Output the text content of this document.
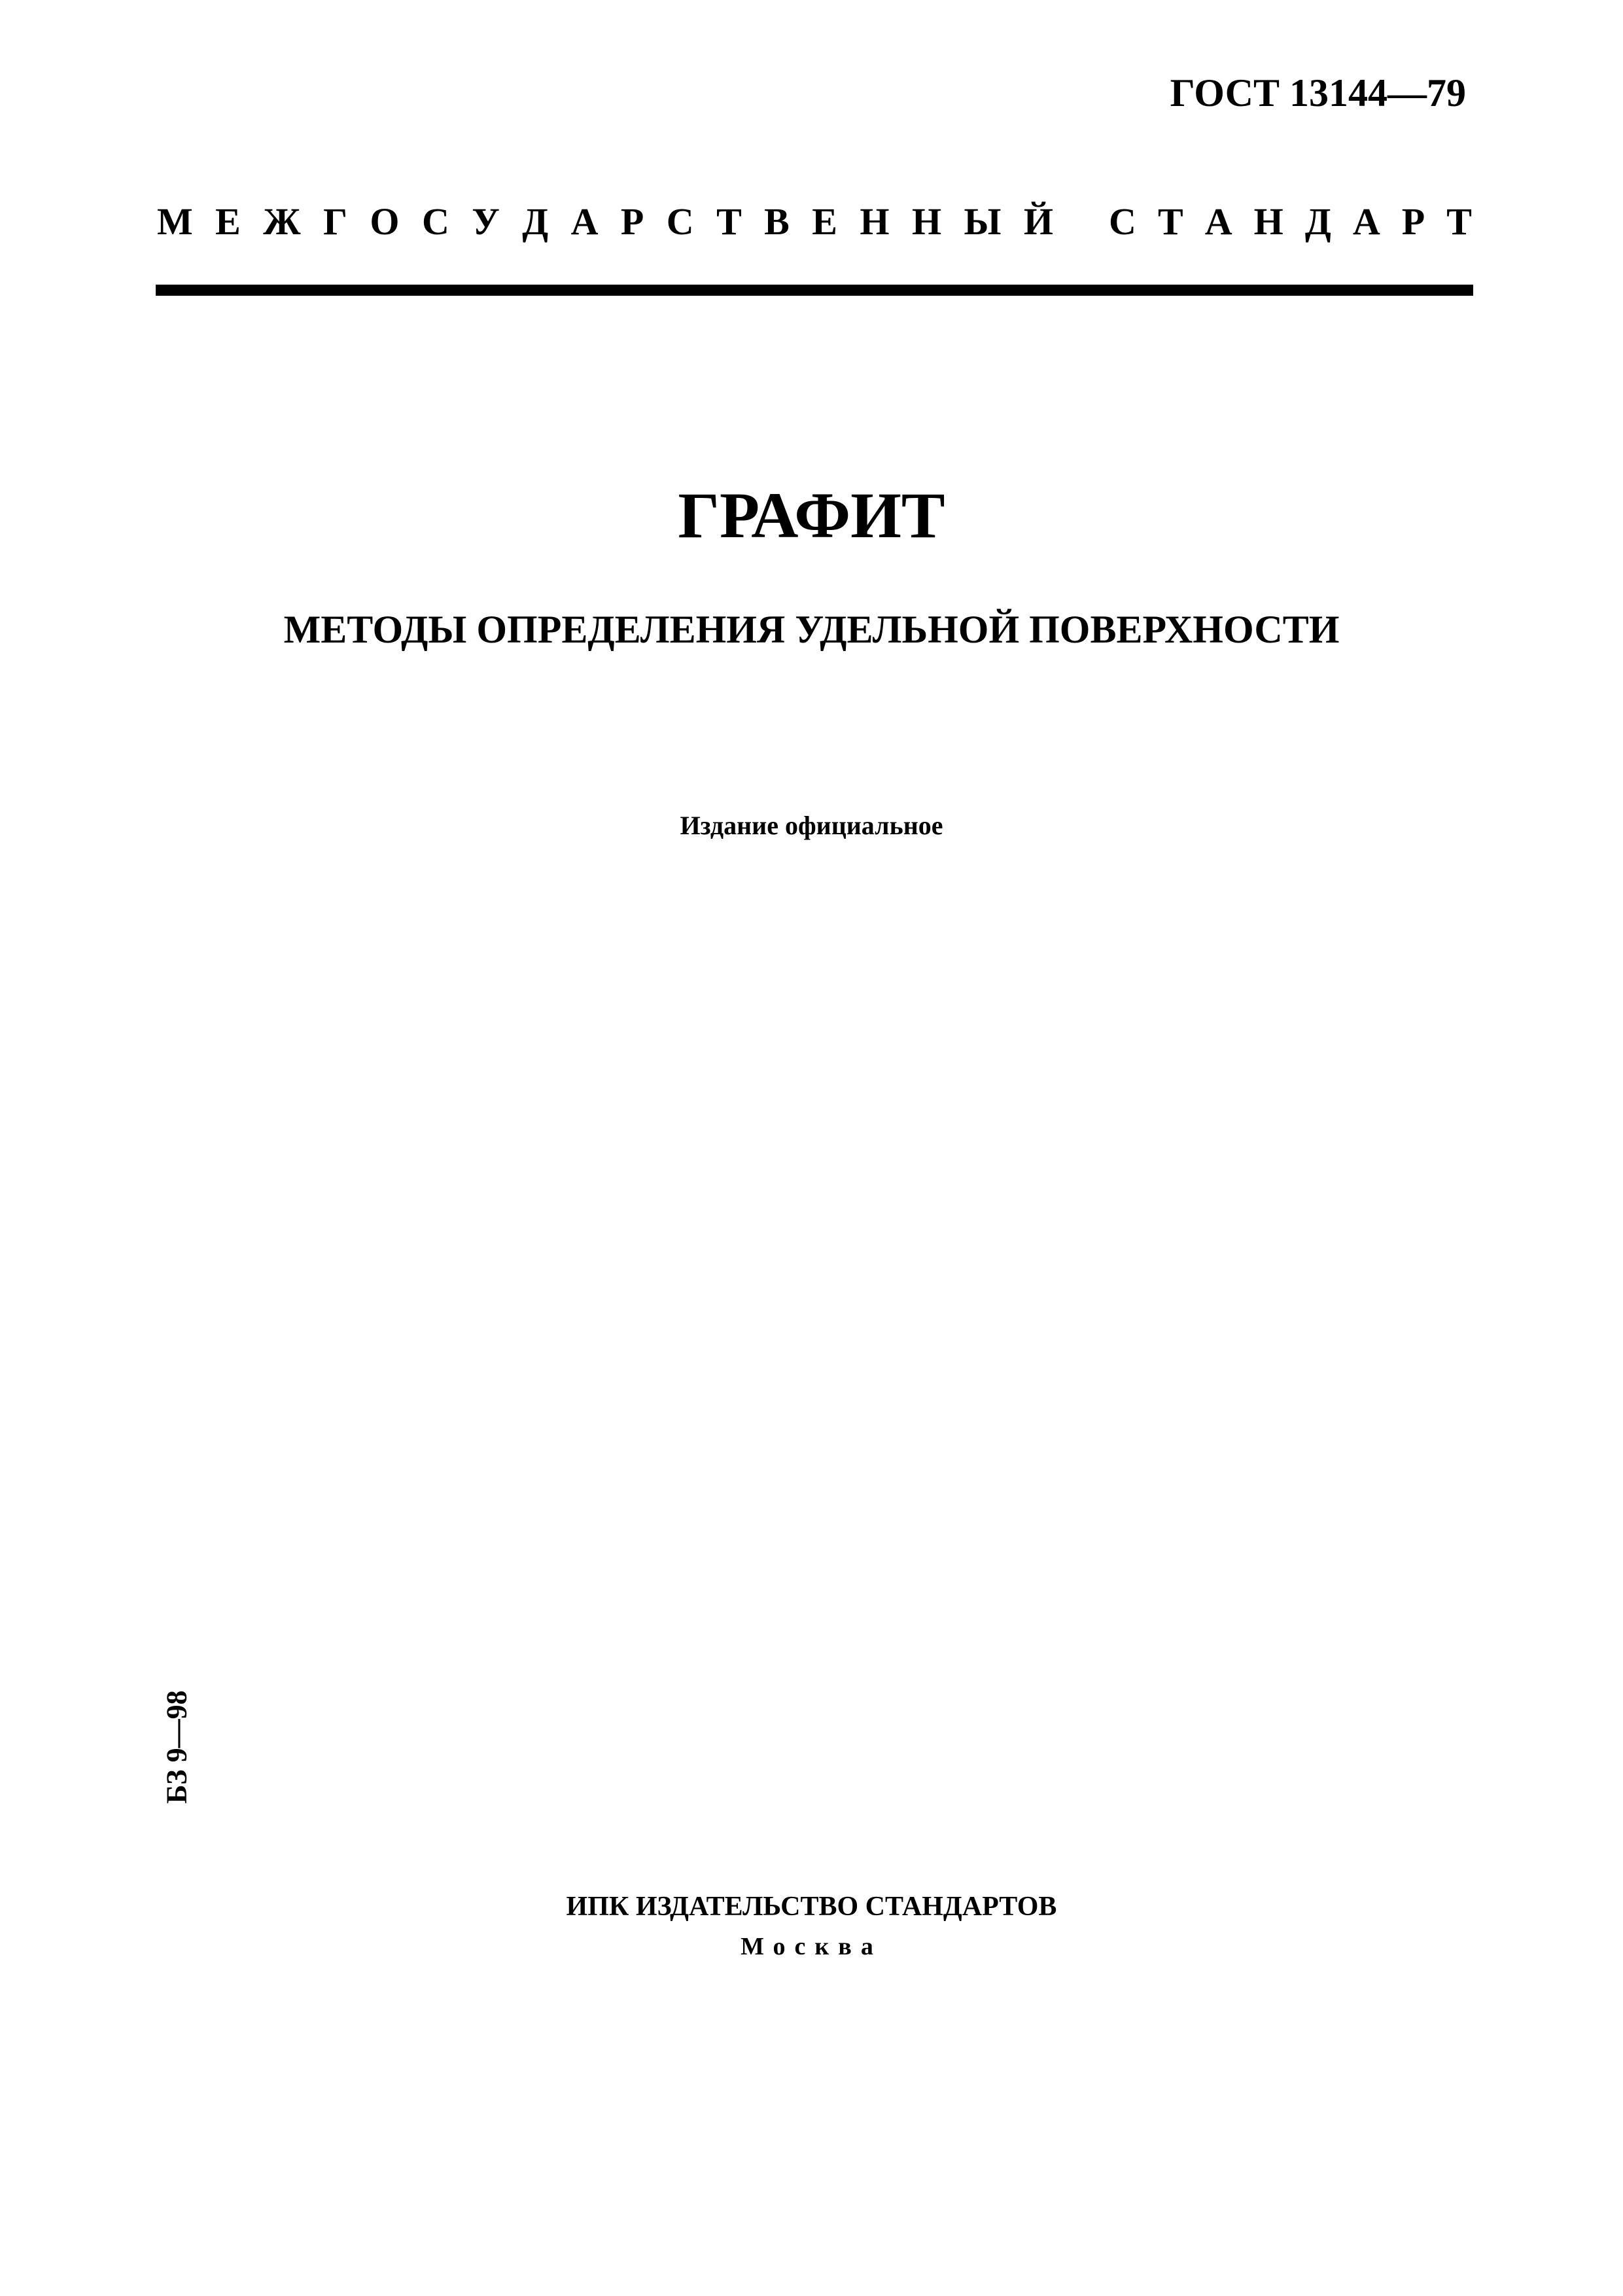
ГОСТ 13144—79
М Е Ж Г О С У Д А Р С Т В Е Н Н Ы Й С Т А Н Д А Р Т
ГРАФИТ
МЕТОДЫ ОПРЕДЕЛЕНИЯ УДЕЛЬНОЙ ПОВЕРХНОСТИ
Издание официальное
БЗ 9—98
ИПК ИЗДАТЕЛЬСТВО СТАНДАРТОВ
Москва
